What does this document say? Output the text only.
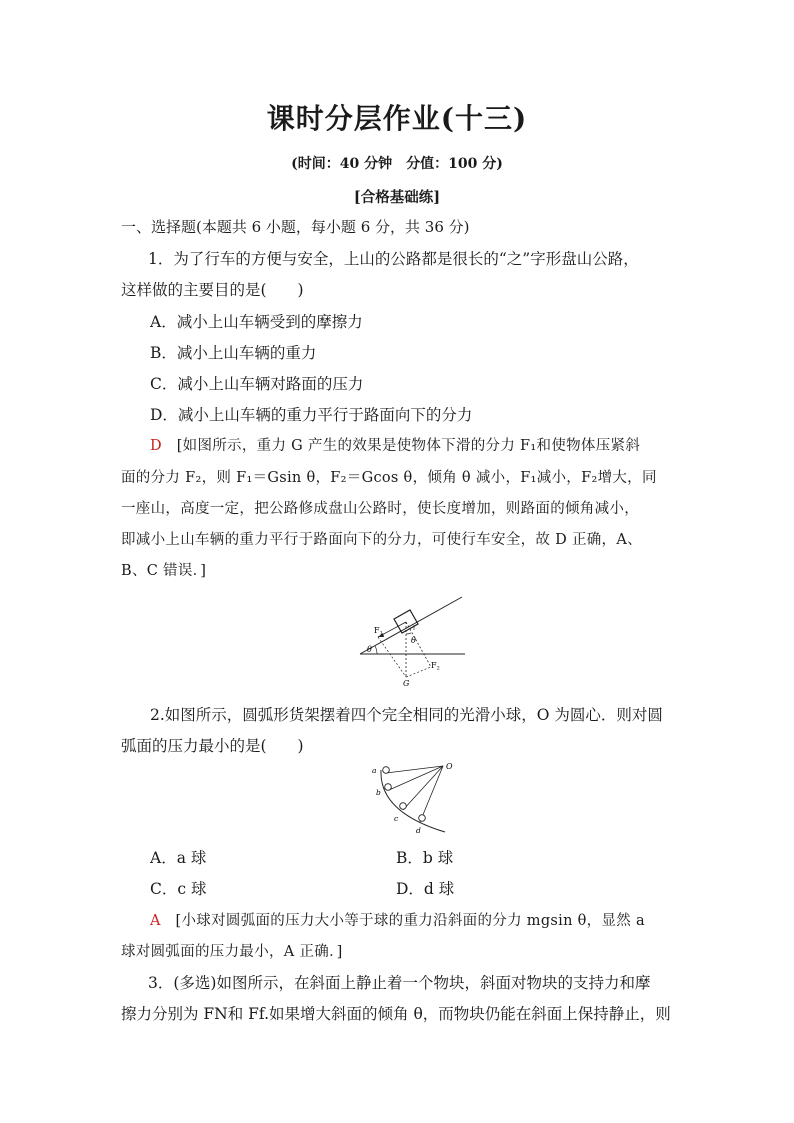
课时分层作业(十三)
(时间：40 分钟　分值：100 分)
[合格基础练]
一、选择题(本题共 6 小题，每小题 6 分，共 36 分)
1．为了行车的方便与安全，上山的公路都是很长的“之”字形盘山公路，
这样做的主要目的是(　　)
A．减小上山车辆受到的摩擦力
B．减小上山车辆的重力
C．减小上山车辆对路面的压力
D．减小上山车辆的重力平行于路面向下的分力
D [如图所示，重力 G 产生的效果是使物体下滑的分力 F₁和使物体压紧斜
面的分力 F₂，则 F₁＝Gsin θ，F₂＝Gcos θ，倾角 θ 减小，F₁减小，F₂增大，同
一座山，高度一定，把公路修成盘山公路时，使长度增加，则路面的倾角减小，
即减小上山车辆的重力平行于路面向下的分力，可使行车安全，故 D 正确，A、
B、C 错误．]
F1
F2
θ
θ
G
2.如图所示，圆弧形货架摆着四个完全相同的光滑小球，O 为圆心．则对圆
弧面的压力最小的是(　　)
O
a
b
c
d
A．a 球	B．b 球
C．c 球	D．d 球
A [小球对圆弧面的压力大小等于球的重力沿斜面的分力 mgsin θ，显然 a
球对圆弧面的压力最小，A 正确．]
3．(多选)如图所示，在斜面上静止着一个物块，斜面对物块的支持力和摩
擦力分别为 FN和 Ff.如果增大斜面的倾角 θ，而物块仍能在斜面上保持静止，则
